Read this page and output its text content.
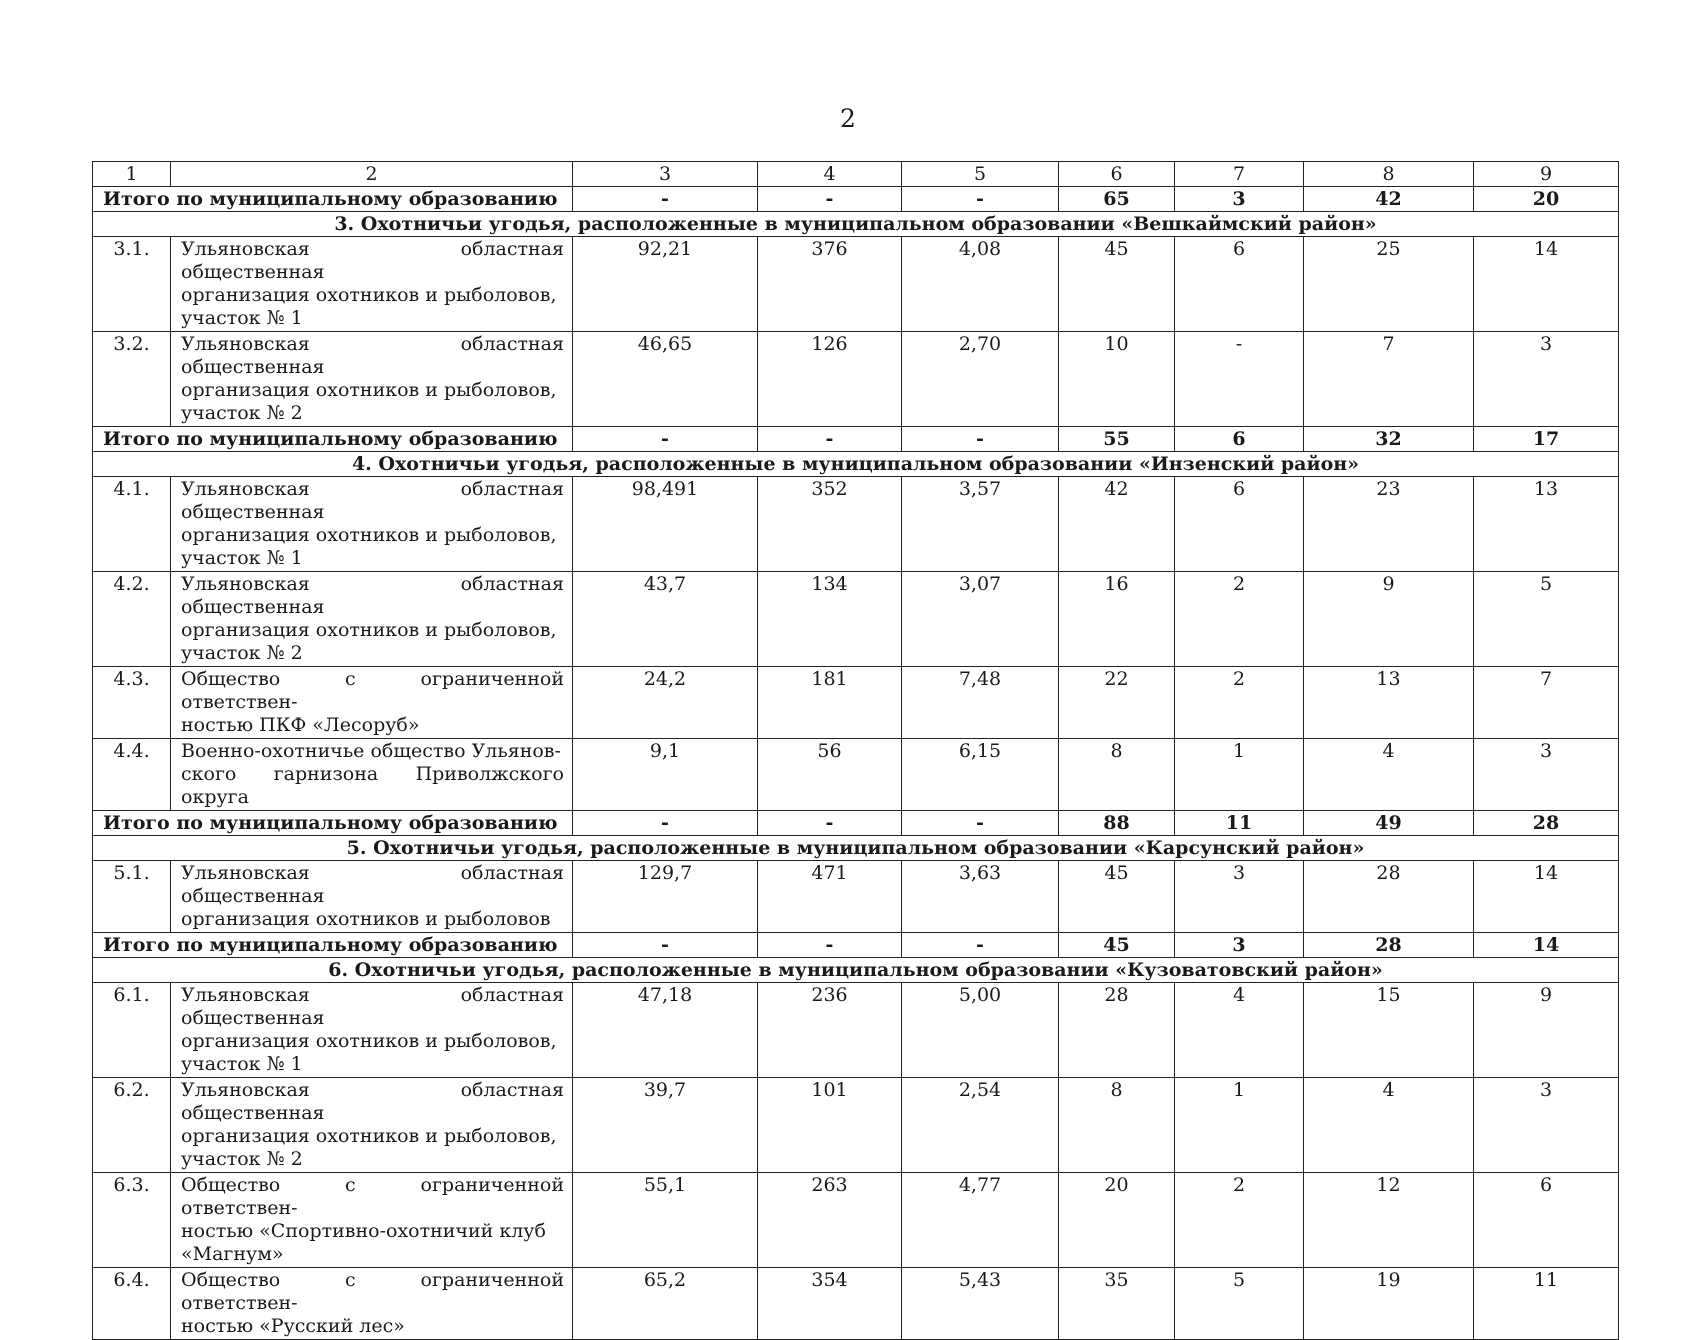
2
1	2	3	4	5	6	7	8	9
Итого по муниципальному образованию		-	-	-	65	3	42	20
3. Охотничьи угодья, расположенные в муниципальном образовании «Вешкаймский район»								
3.1.	Ульяновская областная общественная
организация охотников и рыболовов,
участок № 1	92,21	376	4,08	45	6	25	14
3.2.	Ульяновская областная общественная
организация охотников и рыболовов,
участок № 2	46,65	126	2,70	10	-	7	3
Итого по муниципальному образованию		-	-	-	55	6	32	17
4. Охотничьи угодья, расположенные в муниципальном образовании «Инзенский район»								
4.1.	Ульяновская областная общественная
организация охотников и рыболовов,
участок № 1	98,491	352	3,57	42	6	23	13
4.2.	Ульяновская областная общественная
организация охотников и рыболовов,
участок № 2	43,7	134	3,07	16	2	9	5
4.3.	Общество с ограниченной ответствен-
ностью ПКФ «Лесоруб»	24,2	181	7,48	22	2	13	7
4.4.	Военно-охотничье общество Ульянов-
ского гарнизона Приволжского округа	9,1	56	6,15	8	1	4	3
Итого по муниципальному образованию		-	-	-	88	11	49	28
5. Охотничьи угодья, расположенные в муниципальном образовании «Карсунский район»								
5.1.	Ульяновская областная общественная
организация охотников и рыболовов	129,7	471	3,63	45	3	28	14
Итого по муниципальному образованию		-	-	-	45	3	28	14
6. Охотничьи угодья, расположенные в муниципальном образовании «Кузоватовский район»								
6.1.	Ульяновская областная общественная
организация охотников и рыболовов,
участок № 1	47,18	236	5,00	28	4	15	9
6.2.	Ульяновская областная общественная
организация охотников и рыболовов,
участок № 2	39,7	101	2,54	8	1	4	3
6.3.	Общество с ограниченной ответствен-
ностью «Спортивно-охотничий клуб
«Магнум»	55,1	263	4,77	20	2	12	6
6.4.	Общество с ограниченной ответствен-
ностью «Русский лес»	65,2	354	5,43	35	5	19	11
